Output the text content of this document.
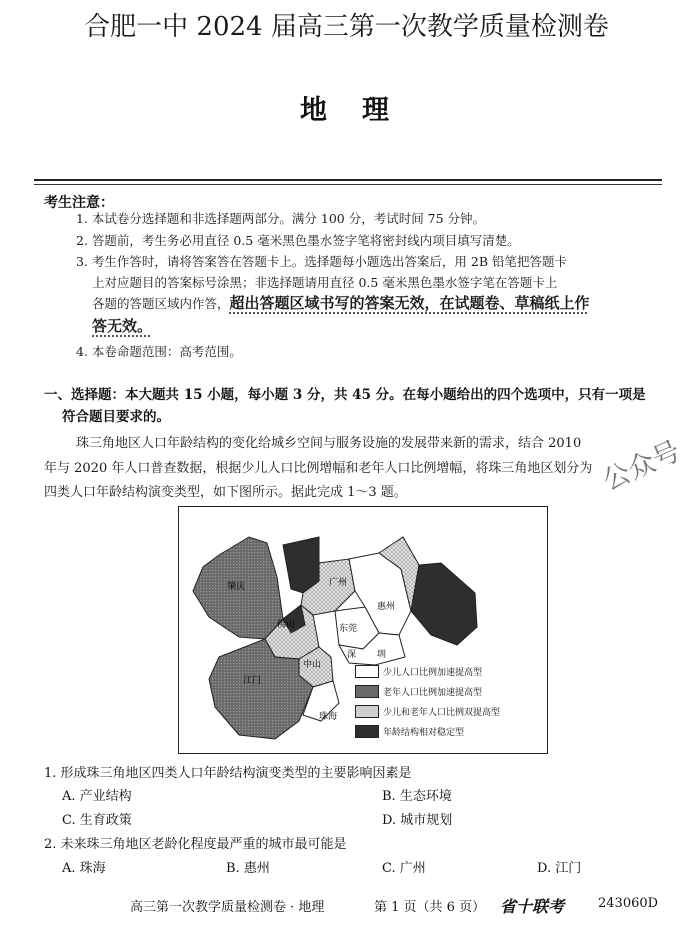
合肥一中 2024 届高三第一次教学质量检测卷
地　理
考生注意：
1. 本试卷分选择题和非选择题两部分。满分 100 分，考试时间 75 分钟。
2. 答题前，考生务必用直径 0.5 毫米黑色墨水签字笔将密封线内项目填写清楚。
3. 考生作答时，请将答案答在答题卡上。选择题每小题选出答案后，用 2B 铅笔把答题卡
上对应题目的答案标号涂黑；非选择题请用直径 0.5 毫米黑色墨水签字笔在答题卡上
各题的答题区域内作答，超出答题区域书写的答案无效，在试题卷、草稿纸上作
答无效。
4. 本卷命题范围：高考范围。
一、选择题：本大题共 15 小题，每小题 3 分，共 45 分。在每小题给出的四个选项中，只有一项是
符合题目要求的。
珠三角地区人口年龄结构的变化给城乡空间与服务设施的发展带来新的需求，结合 2010
年与 2020 年人口普查数据，根据少儿人口比例增幅和老年人口比例增幅，将珠三角地区划分为
四类人口年龄结构演变类型，如下图所示。据此完成 1～3 题。	公众号
肇庆	广州
惠州
佛山	东莞
深 圳
中山
江门
珠海
少儿人口比例加速提高型
老年人口比例加速提高型
少儿和老年人口比例双提高型
年龄结构相对稳定型
1. 形成珠三角地区四类人口年龄结构演变类型的主要影响因素是
A. 产业结构	B. 生态环境
C. 生育政策	D. 城市规划
2. 未来珠三角地区老龄化程度最严重的城市最可能是
A. 珠海	B. 惠州	C. 广州	D. 江门
高三第一次教学质量检测卷 · 地理	第 1 页（共 6 页） 省十联考	243060D
